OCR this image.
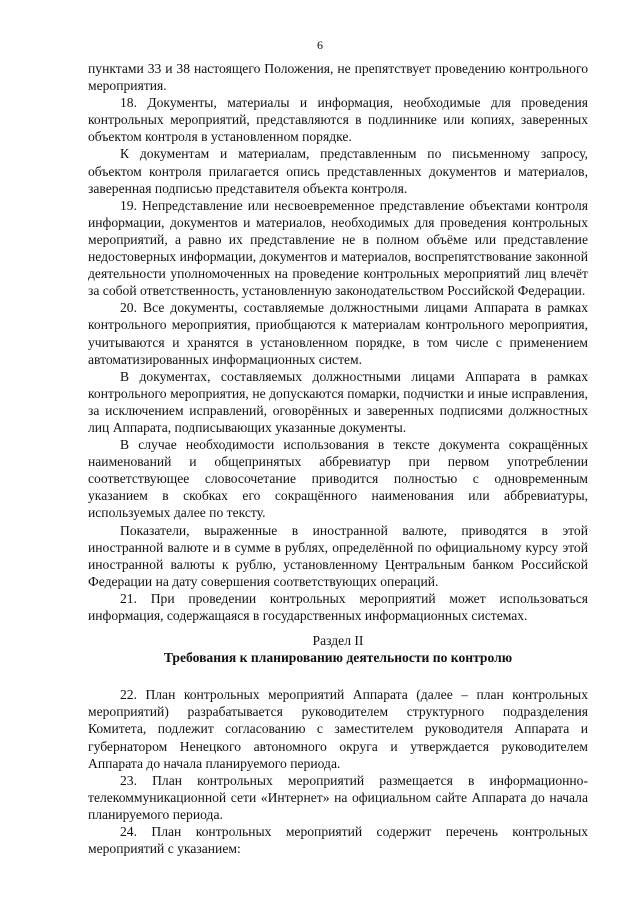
6

пунктами 33 и 38 настоящего Положения, не препятствует проведению контрольного мероприятия.

18. Документы, материалы и информация, необходимые для проведения контрольных мероприятий, представляются в подлиннике или копиях, заверенных объектом контроля в установленном порядке.

К документам и материалам, представленным по письменному запросу, объектом контроля прилагается опись представленных документов и материалов, заверенная подписью представителя объекта контроля.

19. Непредставление или несвоевременное представление объектами контроля информации, документов и материалов, необходимых для проведения контрольных мероприятий, а равно их представление не в полном объёме или представление недостоверных информации, документов и материалов, воспрепятствование законной деятельности уполномоченных на проведение контрольных мероприятий лиц влечёт за собой ответственность, установленную законодательством Российской Федерации.

20. Все документы, составляемые должностными лицами Аппарата в рамках контрольного мероприятия, приобщаются к материалам контрольного мероприятия, учитываются и хранятся в установленном порядке, в том числе с применением автоматизированных информационных систем.

В документах, составляемых должностными лицами Аппарата в рамках контрольного мероприятия, не допускаются помарки, подчистки и иные исправления, за исключением исправлений, оговорённых и заверенных подписями должностных лиц Аппарата, подписывающих указанные документы.

В случае необходимости использования в тексте документа сокращённых наименований и общепринятых аббревиатур при первом употреблении соответствующее словосочетание приводится полностью с одновременным указанием в скобках его сокращённого наименования или аббревиатуры, используемых далее по тексту.

Показатели, выраженные в иностранной валюте, приводятся в этой иностранной валюте и в сумме в рублях, определённой по официальному курсу этой иностранной валюты к рублю, установленному Центральным банком Российской Федерации на дату совершения соответствующих операций.

21. При проведении контрольных мероприятий может использоваться информация, содержащаяся в государственных информационных системах.

Раздел II

Требования к планированию деятельности по контролю

22. План контрольных мероприятий Аппарата (далее – план контрольных мероприятий) разрабатывается руководителем структурного подразделения Комитета, подлежит согласованию с заместителем руководителя Аппарата и губернатором Ненецкого автономного округа и утверждается руководителем Аппарата до начала планируемого периода.

23. План контрольных мероприятий размещается в информационно-телекоммуникационной сети «Интернет» на официальном сайте Аппарата до начала планируемого периода.

24. План контрольных мероприятий содержит перечень контрольных мероприятий с указанием:
